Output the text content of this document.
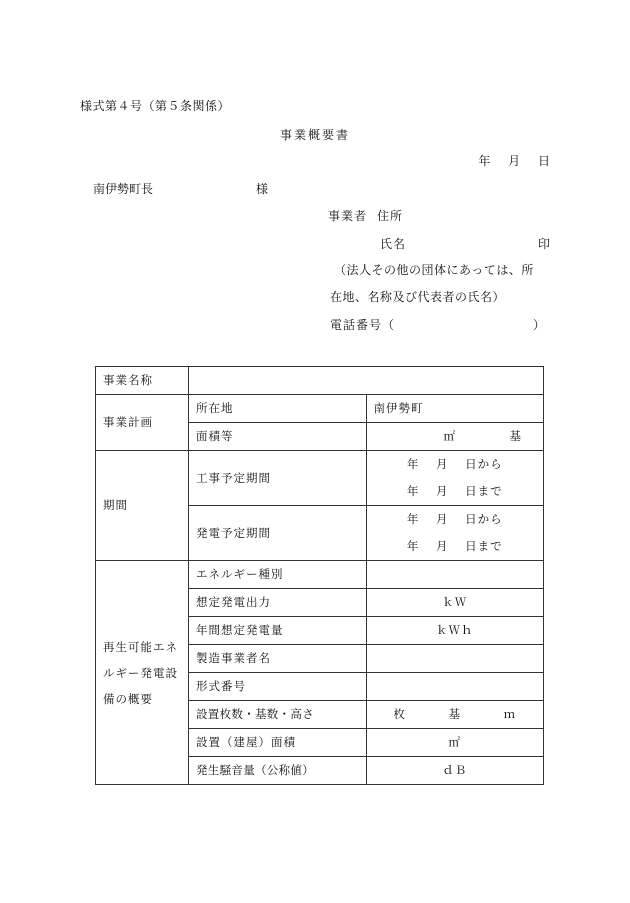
様式第４号（第５条関係）
事業概要書
年 月 日
南伊勢町長	様
事業者 住所
氏名	印
（法人その他の団体にあっては、所
在地、名称及び代表者の氏名）
電話番号（	）
事業名称		
事業計画	所在地	南伊勢町
	面積等	㎡ 基

期間	工事予定期間	年 月 日から
年 月 日まで

	発電予定期間	年 月 日から
年 月 日まで

再生可能エネルギー発電設備の概要	エネルギー種別	
	想定発電出力	ｋＷ
	年間想定発電量	ｋＷｈ
	製造事業者名	
	形式番号	
	設置枚数・基数・高さ	枚 基 ｍ
	設置（建屋）面積	㎡
	発生騒音量（公称値）	ｄＢ
